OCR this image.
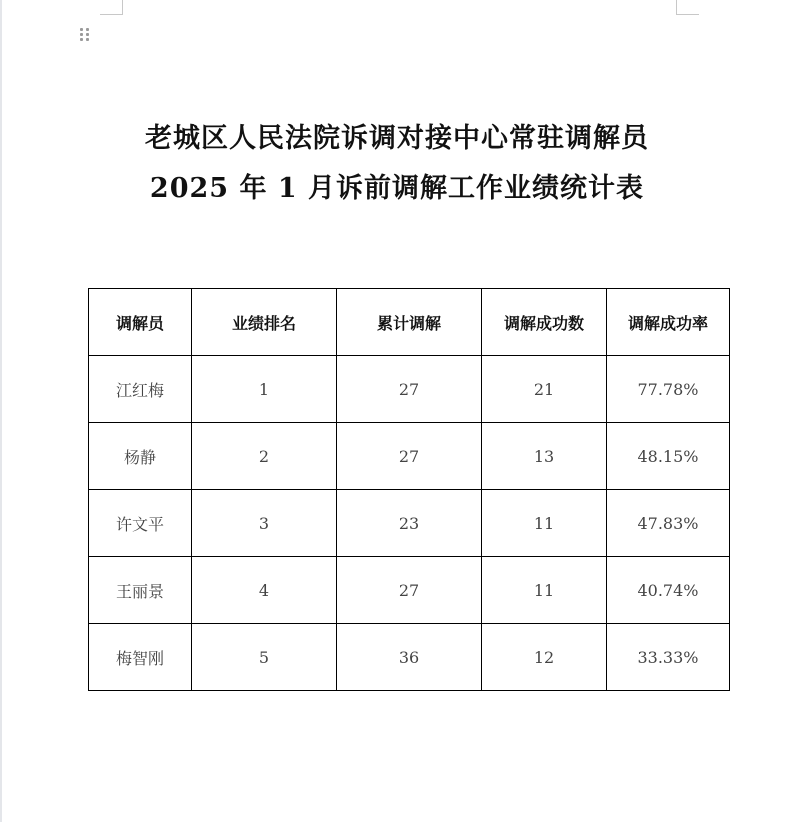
老城区人民法院诉调对接中心常驻调解员
2025 年 1 月诉前调解工作业绩统计表
调解员	业绩排名	累计调解	调解成功数	调解成功率
江红梅	1	27	21	77.78%
杨静	2	27	13	48.15%
许文平	3	23	11	47.83%
王丽景	4	27	11	40.74%
梅智刚	5	36	12	33.33%
